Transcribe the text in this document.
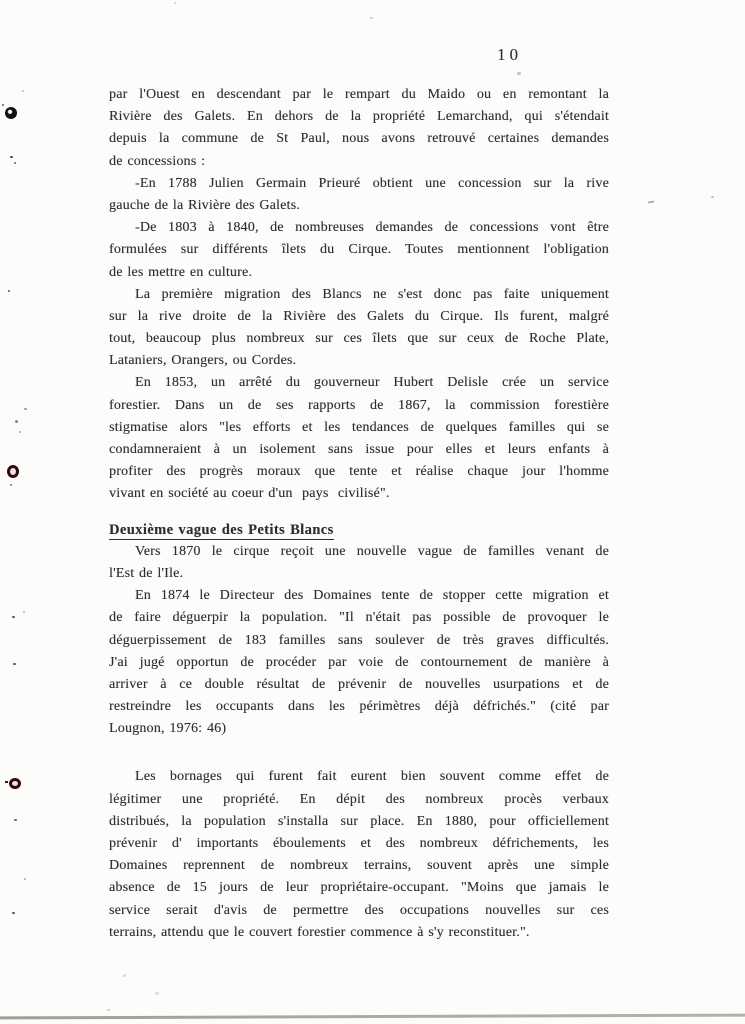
10
par l'Ouest en descendant par le rempart du Maido ou en remontant la
Rivière des Galets. En dehors de la propriété Lemarchand, qui s'étendait
depuis la commune de St Paul, nous avons retrouvé certaines demandes
de concessions :
-En 1788 Julien Germain Prieuré obtient une concession sur la rive
gauche de la Rivière des Galets.
-De 1803 à 1840, de nombreuses demandes de concessions vont être
formulées sur différents îlets du Cirque. Toutes mentionnent l'obligation
de les mettre en culture.
La première migration des Blancs ne s'est donc pas faite uniquement
sur la rive droite de la Rivière des Galets du Cirque. Ils furent, malgré
tout, beaucoup plus nombreux sur ces îlets que sur ceux de Roche Plate,
Lataniers, Orangers, ou Cordes.
En 1853, un arrêté du gouverneur Hubert Delisle crée un service
forestier. Dans un de ses rapports de 1867, la commission forestière
stigmatise alors "les efforts et les tendances de quelques familles qui se
condamneraient à un isolement sans issue pour elles et leurs enfants à
profiter des progrès moraux que tente et réalise chaque jour l'homme
vivant en société au coeur d'un  pays  civilisé".
Deuxième vague des Petits Blancs
Vers 1870 le cirque reçoit une nouvelle vague de familles venant de
l'Est de l'Ile.
En 1874 le Directeur des Domaines tente de stopper cette migration et
de faire déguerpir la population. "Il n'était pas possible de provoquer le
déguerpissement de 183 familles sans soulever de très graves difficultés.
J'ai jugé opportun de procéder par voie de contournement de manière à
arriver à ce double résultat de prévenir de nouvelles usurpations et de
restreindre les occupants dans les périmètres déjà défrichés." (cité par
Lougnon, 1976: 46)
Les bornages qui furent fait eurent bien souvent comme effet de
légitimer une propriété. En dépit des nombreux procès verbaux
distribués, la population s'installa sur place. En 1880, pour officiellement
prévenir d' importants éboulements et des nombreux défrichements, les
Domaines reprennent de nombreux terrains, souvent après une simple
absence de 15 jours de leur propriétaire-occupant. "Moins que jamais le
service serait d'avis de permettre des occupations nouvelles sur ces
terrains, attendu que le couvert forestier commence à s'y reconstituer.".
